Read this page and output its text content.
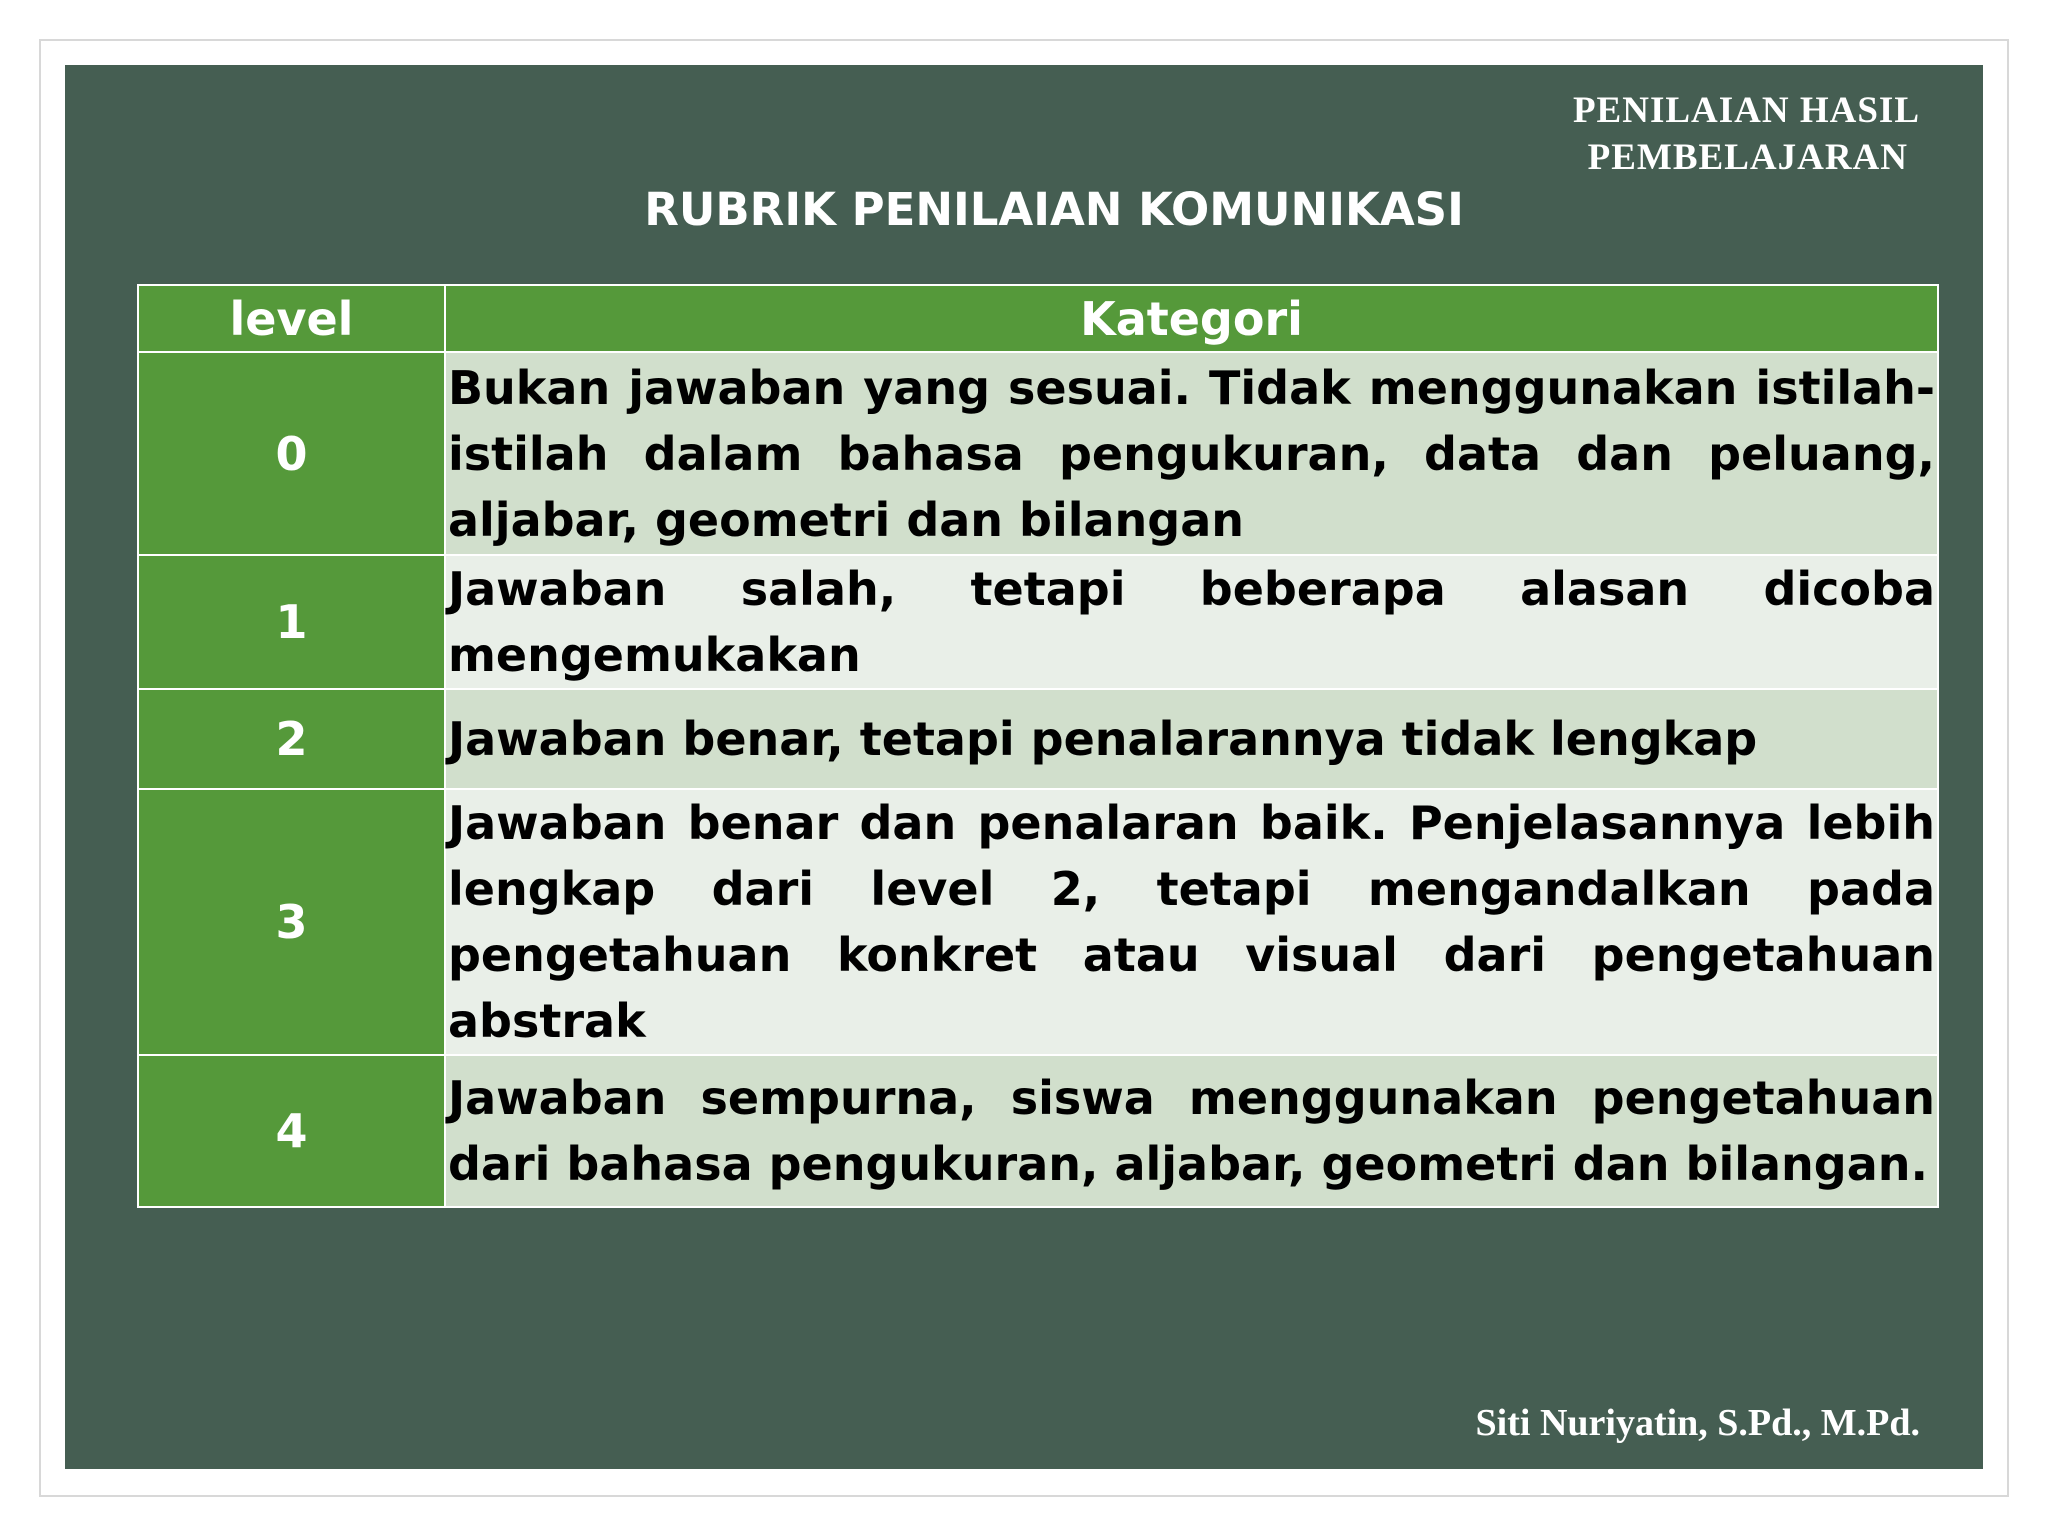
PENILAIAN HASIL
PEMBELAJARAN
RUBRIK PENILAIAN KOMUNIKASI
level	Kategori
0	Bukan jawaban yang sesuai. Tidak menggunakan istilah-istilah dalam bahasa pengukuran, data dan peluang, aljabar, geometri dan bilangan
1	Jawaban salah, tetapi beberapa alasan dicoba mengemukakan
2	Jawaban benar, tetapi penalarannya tidak lengkap
3	Jawaban benar dan penalaran baik. Penjelasannya lebih lengkap dari level 2, tetapi mengandalkan pada pengetahuan konkret atau visual dari pengetahuan abstrak
4	Jawaban sempurna, siswa menggunakan pengetahuan dari bahasa pengukuran, aljabar, geometri dan bilangan.
Siti Nuriyatin, S.Pd., M.Pd.
